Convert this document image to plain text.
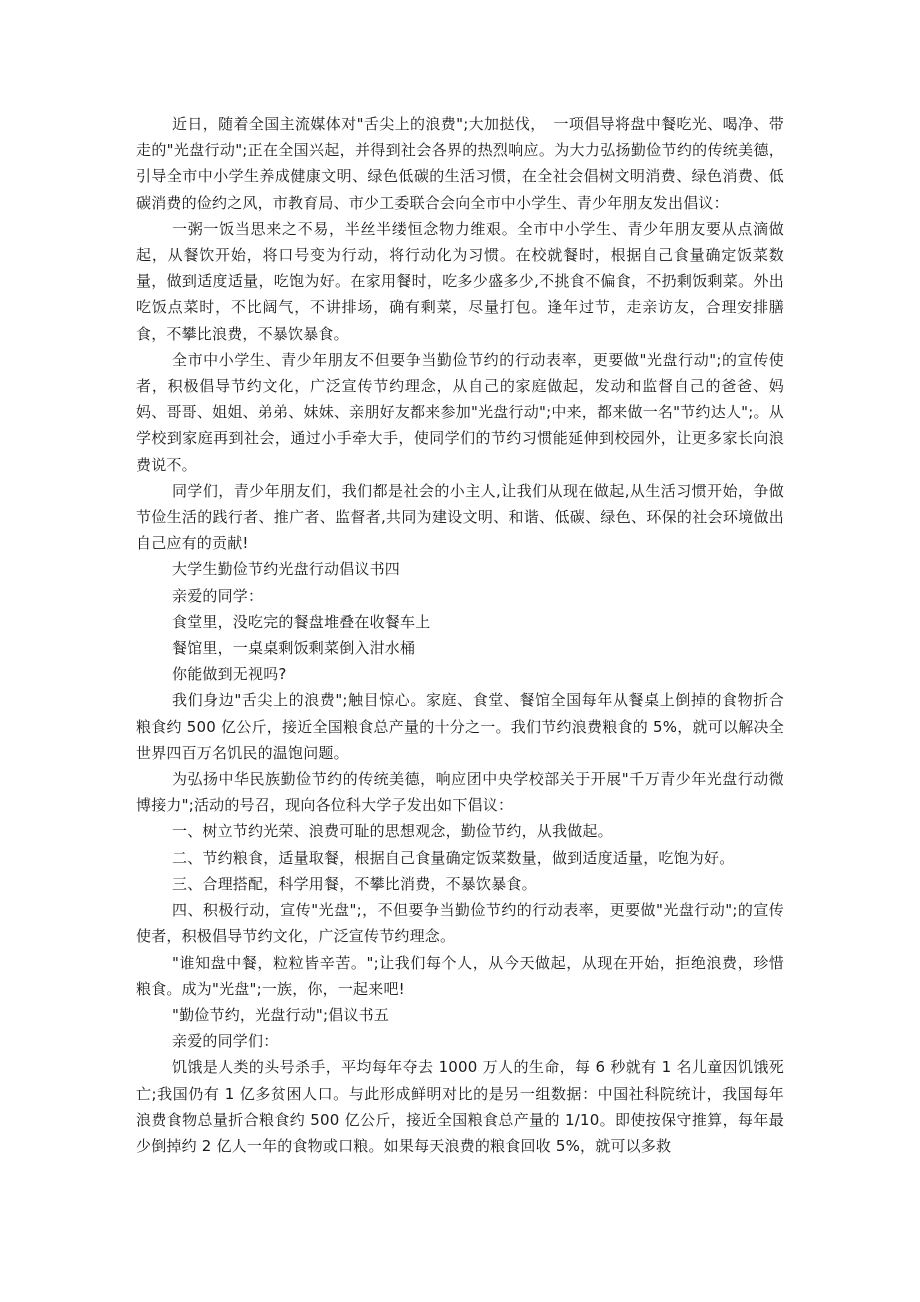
近日，随着全国主流媒体对"舌尖上的浪费";大加挞伐，　一项倡导将盘中餐吃光、喝净、带走的"光盘行动";正在全国兴起，并得到社会各界的热烈响应。为大力弘扬勤俭节约的传统美德，引导全市中小学生养成健康文明、绿色低碳的生活习惯，在全社会倡树文明消费、绿色消费、低碳消费的俭约之风，市教育局、市少工委联合会向全市中小学生、青少年朋友发出倡议：

一粥一饭当思来之不易，半丝半缕恒念物力维艰。全市中小学生、青少年朋友要从点滴做起，从餐饮开始，将口号变为行动，将行动化为习惯。在校就餐时，根据自己食量确定饭菜数量，做到适度适量，吃饱为好。在家用餐时，吃多少盛多少,不挑食不偏食，不扔剩饭剩菜。外出吃饭点菜时，不比阔气，不讲排场，确有剩菜，尽量打包。逢年过节，走亲访友，合理安排膳食，不攀比浪费，不暴饮暴食。

全市中小学生、青少年朋友不但要争当勤俭节约的行动表率，更要做"光盘行动";的宣传使者，积极倡导节约文化，广泛宣传节约理念，从自己的家庭做起，发动和监督自己的爸爸、妈妈、哥哥、姐姐、弟弟、妹妹、亲朋好友都来参加"光盘行动";中来，都来做一名"节约达人";。从学校到家庭再到社会，通过小手牵大手，使同学们的节约习惯能延伸到校园外，让更多家长向浪费说不。

同学们，青少年朋友们，我们都是社会的小主人,让我们从现在做起,从生活习惯开始，争做节俭生活的践行者、推广者、监督者,共同为建设文明、和谐、低碳、绿色、环保的社会环境做出自己应有的贡献!

大学生勤俭节约光盘行动倡议书四

亲爱的同学：

食堂里，没吃完的餐盘堆叠在收餐车上

餐馆里，一桌桌剩饭剩菜倒入泔水桶

你能做到无视吗?

我们身边"舌尖上的浪费";触目惊心。家庭、食堂、餐馆全国每年从餐桌上倒掉的食物折合粮食约 500 亿公斤，接近全国粮食总产量的十分之一。我们节约浪费粮食的 5%，就可以解决全世界四百万名饥民的温饱问题。

为弘扬中华民族勤俭节约的传统美德，响应团中央学校部关于开展"千万青少年光盘行动微博接力";活动的号召，现向各位科大学子发出如下倡议：

一、树立节约光荣、浪费可耻的思想观念，勤俭节约，从我做起。

二、节约粮食，适量取餐，根据自己食量确定饭菜数量，做到适度适量，吃饱为好。

三、合理搭配，科学用餐，不攀比消费，不暴饮暴食。

四、积极行动，宣传"光盘";，不但要争当勤俭节约的行动表率，更要做"光盘行动";的宣传使者，积极倡导节约文化，广泛宣传节约理念。

"谁知盘中餐，粒粒皆辛苦。";让我们每个人，从今天做起，从现在开始，拒绝浪费，珍惜粮食。成为"光盘";一族，你，一起来吧!

"勤俭节约，光盘行动";倡议书五

亲爱的同学们：

饥饿是人类的头号杀手，平均每年夺去 1000 万人的生命，每 6 秒就有 1 名儿童因饥饿死亡;我国仍有 1 亿多贫困人口。与此形成鲜明对比的是另一组数据：中国社科院统计，我国每年浪费食物总量折合粮食约 500 亿公斤，接近全国粮食总产量的 1/10。即使按保守推算，每年最少倒掉约 2 亿人一年的食物或口粮。如果每天浪费的粮食回收 5%，就可以多救
